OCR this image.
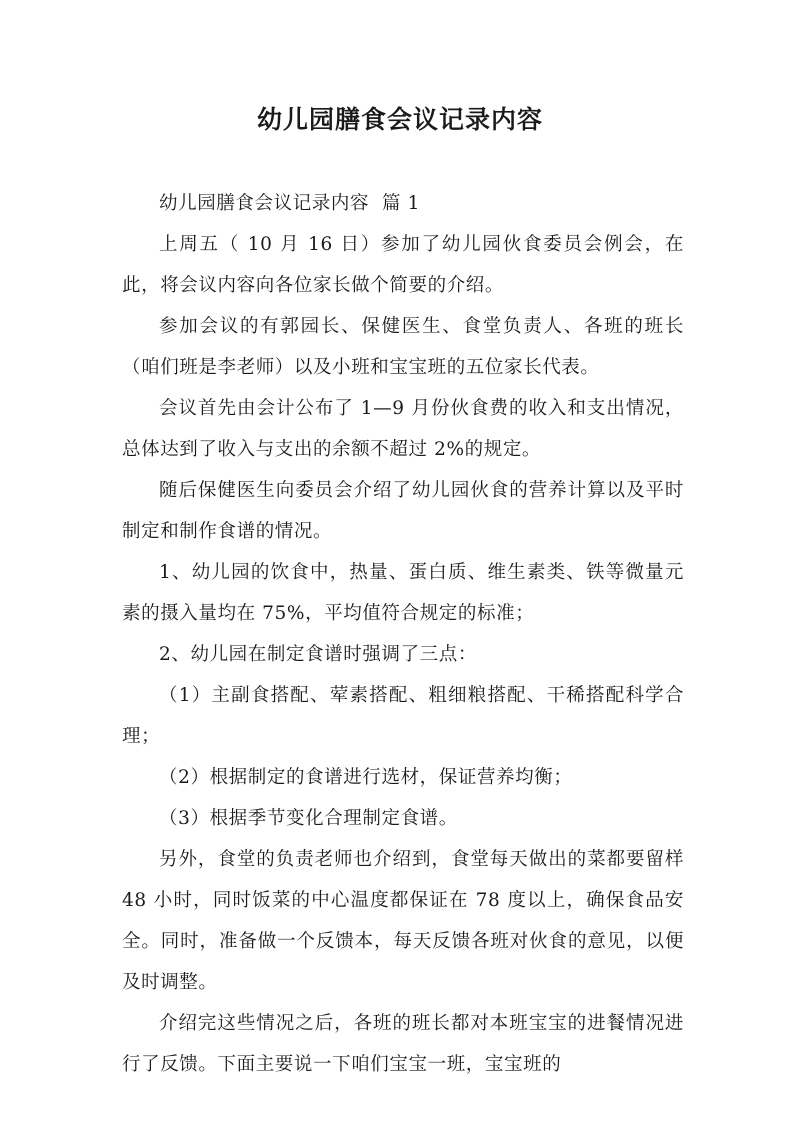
幼儿园膳食会议记录内容

幼儿园膳食会议记录内容  篇 1

上周五（ 10 月 16 日）参加了幼儿园伙食委员会例会，在此，将会议内容向各位家长做个简要的介绍。

参加会议的有郭园长、保健医生、食堂负责人、各班的班长（咱们班是李老师）以及小班和宝宝班的五位家长代表。

会议首先由会计公布了 1—9 月份伙食费的收入和支出情况，总体达到了收入与支出的余额不超过 2%的规定。

随后保健医生向委员会介绍了幼儿园伙食的营养计算以及平时制定和制作食谱的情况。

1、幼儿园的饮食中，热量、蛋白质、维生素类、铁等微量元素的摄入量均在 75%，平均值符合规定的标准；

2、幼儿园在制定食谱时强调了三点：

（1）主副食搭配、荤素搭配、粗细粮搭配、干稀搭配科学合理；

（2）根据制定的食谱进行选材，保证营养均衡；

（3）根据季节变化合理制定食谱。

另外，食堂的负责老师也介绍到，食堂每天做出的菜都要留样 48 小时，同时饭菜的中心温度都保证在 78 度以上，确保食品安全。同时，准备做一个反馈本，每天反馈各班对伙食的意见，以便及时调整。

介绍完这些情况之后，各班的班长都对本班宝宝的进餐情况进行了反馈。下面主要说一下咱们宝宝一班，宝宝班的
